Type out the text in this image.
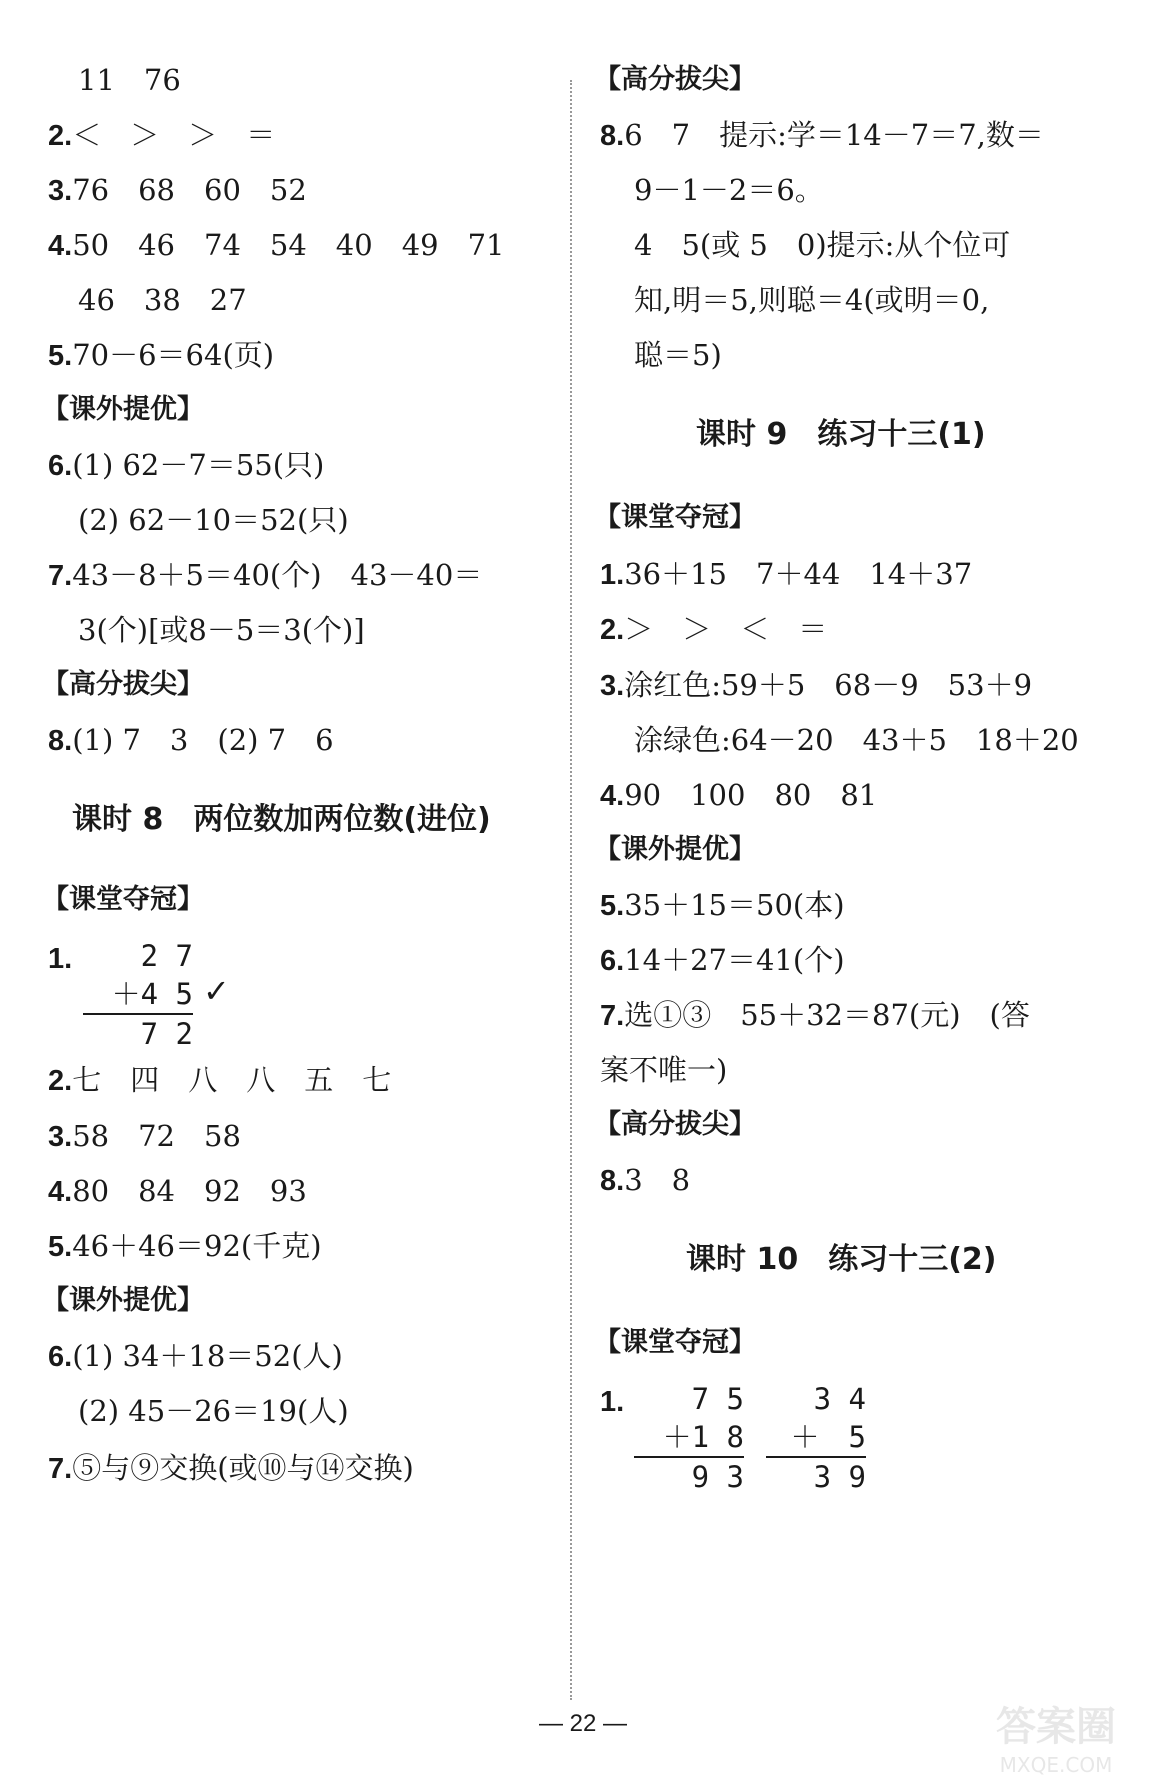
11　76
2.＜　＞　＞　＝
3.76　68　60　52
4.50　46　74　54　40　49　71
46　38　27
5.70－6＝64(页)
【课外提优】
6.(1) 62－7＝55(只)
(2) 62－10＝52(只)
7.43－8＋5＝40(个)　43－40＝
3(个)[或8－5＝3(个)]
【高分拔尖】
8.(1) 7　3　(2) 7　6
课时 8　两位数加两位数(进位)
【课堂夺冠】
1.	2 7
＋4 5
7 2
✓
2.七　四　八　八　五　七
3.58　72　58
4.80　84　92　93
5.46＋46＝92(千克)
【课外提优】
6.(1) 34＋18＝52(人)
(2) 45－26＝19(人)
7.⑤与⑨交换(或⑩与⑭交换)
【高分拔尖】
8.6　7　提示:学＝14－7＝7,数＝
9－1－2＝6。
4　5(或 5　0)提示:从个位可
知,明＝5,则聪＝4(或明＝0,
聪＝5)
课时 9　练习十三(1)
【课堂夺冠】
1.36＋15　7＋44　14＋37
2.＞　＞　＜　＝
3.涂红色:59＋5　68－9　53＋9
涂绿色:64－20　43＋5　18＋20
4.90　100　80　81
【课外提优】
5.35＋15＝50(本)
6.14＋27＝41(个)
7.选①③　55＋32＝87(元)　(答
案不唯一)
【高分拔尖】
8.3　8
课时 10　练习十三(2)
【课堂夺冠】
1.	7 5
＋1 8
9 3
3 4
＋　5
3 9
— 22 —	答案圈
MXQE.COM
